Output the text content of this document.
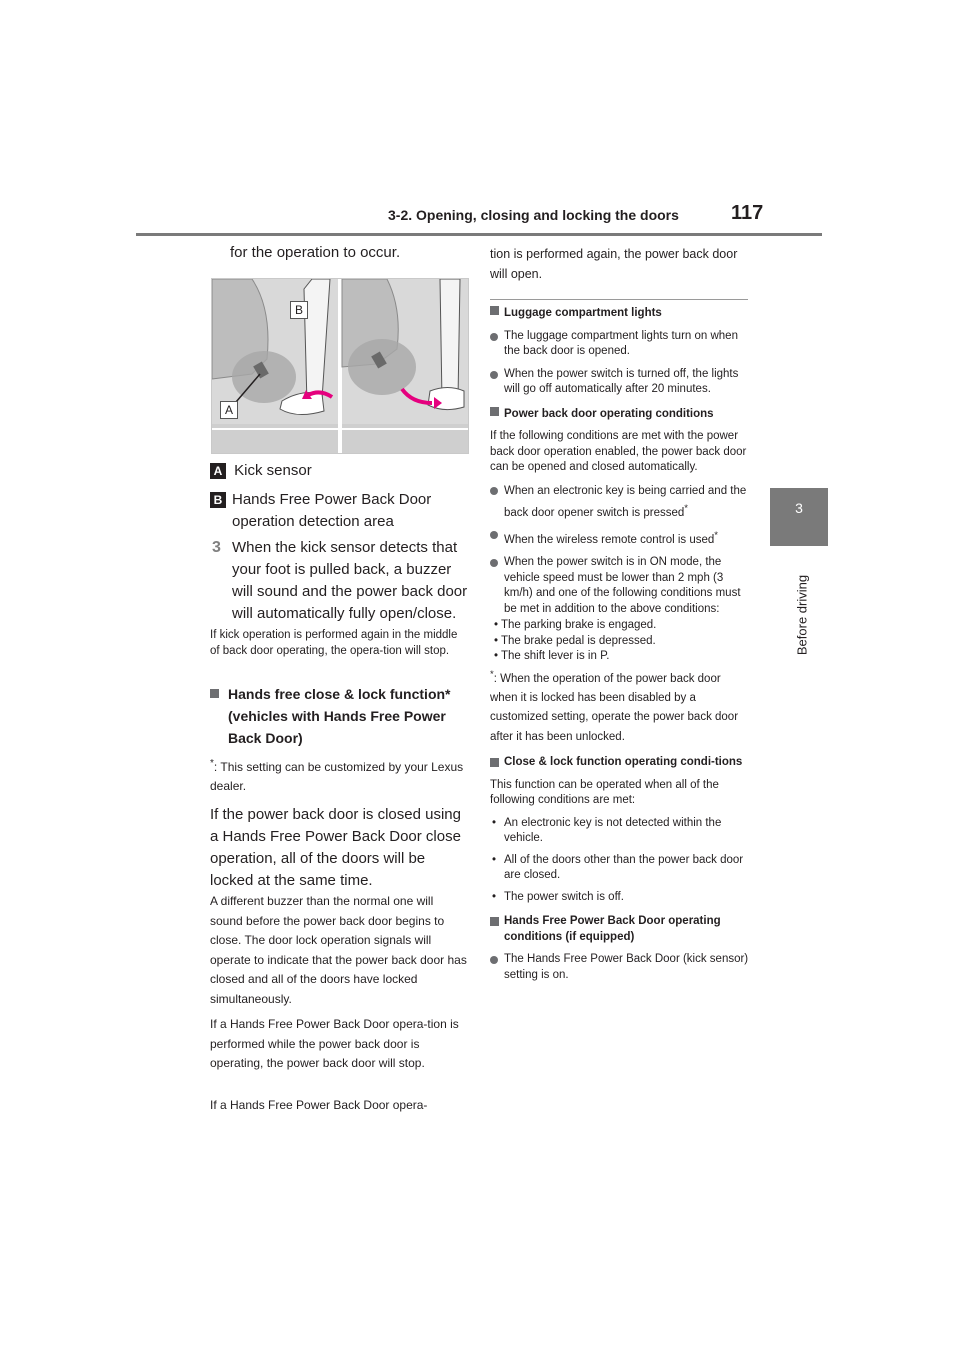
3-2. Opening, closing and locking the doors	117
3
Before driving

for the operation to occur.

B
A
A Kick sensor
B Hands Free Power Back Door operation detection area
3 When the kick sensor detects that your foot is pulled back, a buzzer will sound and the power back door will automatically fully open/close.
If kick operation is performed again in the middle of back door operating, the opera-tion will stop.
Hands free close & lock function* (vehicles with Hands Free Power Back Door)
*: This setting can be customized by your Lexus dealer.
If the power back door is closed using a Hands Free Power Back Door close operation, all of the doors will be locked at the same time.
A different buzzer than the normal one will sound before the power back door begins to close. The door lock operation signals will operate to indicate that the power back door has closed and all of the doors have locked simultaneously.
If a Hands Free Power Back Door opera-tion is performed while the power back door is operating, the power back door will stop.
If a Hands Free Power Back Door opera-
tion is performed again, the power back door will open.
Luggage compartment lights
The luggage compartment lights turn on when the back door is opened.
When the power switch is turned off, the lights will go off automatically after 20 minutes.
Power back door operating conditions
If the following conditions are met with the power back door operation enabled, the power back door can be opened and closed automatically.
When an electronic key is being carried and the back door opener switch is pressed*
When the wireless remote control is used*
When the power switch is in ON mode, the vehicle speed must be lower than 2 mph (3 km/h) and one of the following conditions must be met in addition to the above conditions:
• The parking brake is engaged.
• The brake pedal is depressed.
• The shift lever is in P.
*: When the operation of the power back door when it is locked has been disabled by a customized setting, operate the power back door after it has been unlocked.
Close & lock function operating condi-tions
This function can be operated when all of the following conditions are met:
• An electronic key is not detected within the vehicle.
• All of the doors other than the power back door are closed.
• The power switch is off.
Hands Free Power Back Door operating conditions (if equipped)
The Hands Free Power Back Door (kick sensor) setting is on.
